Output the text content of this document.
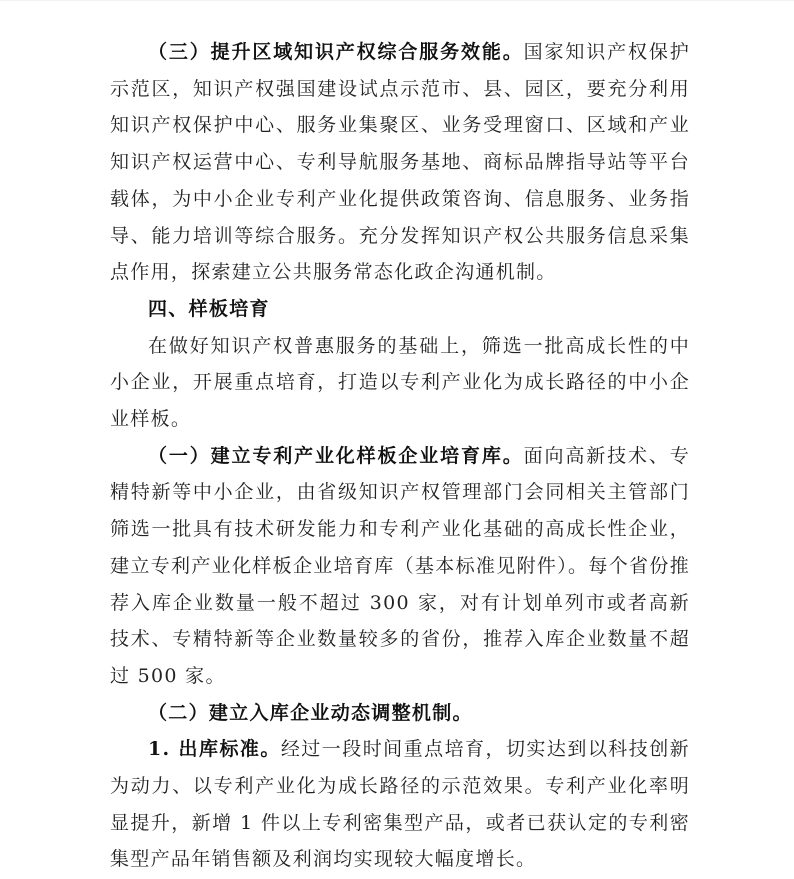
（三）提升区域知识产权综合服务效能。国家知识产权保护示范区，知识产权强国建设试点示范市、县、园区，要充分利用知识产权保护中心、服务业集聚区、业务受理窗口、区域和产业知识产权运营中心、专利导航服务基地、商标品牌指导站等平台载体，为中小企业专利产业化提供政策咨询、信息服务、业务指导、能力培训等综合服务。充分发挥知识产权公共服务信息采集点作用，探索建立公共服务常态化政企沟通机制。

四、样板培育

在做好知识产权普惠服务的基础上，筛选一批高成长性的中小企业，开展重点培育，打造以专利产业化为成长路径的中小企业样板。

（一）建立专利产业化样板企业培育库。面向高新技术、专精特新等中小企业，由省级知识产权管理部门会同相关主管部门筛选一批具有技术研发能力和专利产业化基础的高成长性企业，建立专利产业化样板企业培育库（基本标准见附件）。每个省份推荐入库企业数量一般不超过 300 家，对有计划单列市或者高新技术、专精特新等企业数量较多的省份，推荐入库企业数量不超过 500 家。

（二）建立入库企业动态调整机制。

1. 出库标准。经过一段时间重点培育，切实达到以科技创新为动力、以专利产业化为成长路径的示范效果。专利产业化率明显提升，新增 1 件以上专利密集型产品，或者已获认定的专利密集型产品年销售额及利润均实现较大幅度增长。
